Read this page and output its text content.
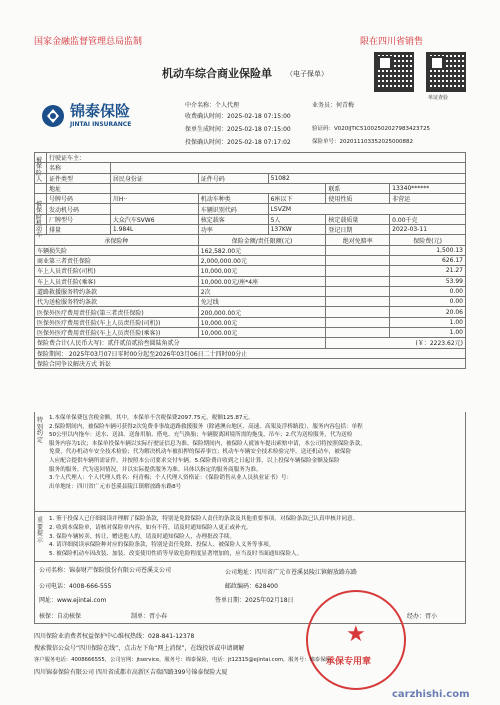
国家金融监督管理总局监制	限在四川省销售
单证查验
机动车综合商业保险单 （电子保单）
锦泰保险
JINTAI INSURANCE
中介名称：个人代理	业务员：何青梅
收费确认时间：2025-02-18 07:15:00
保单生成时间：2025-02-18 07:15:00	验证码：V020lJTiC510025020279834237​25
投保确认时间：2025-02-18 07:17:02	保险单号：20201110335202​5000882
被
保
险
人
被
保
险
机
动
车
	行驶证车主：					
	名称					
	证件类型	居民身份证	证件号码	51082		
	地址				联系	13340******
	号牌号码	川H··	机动车种类	6座以下	使用性质	非营运
	发动机号码		车辆识别代码	LSVZM		
	厂牌型号	大众汽车SVW6	核定载客	5人	核定载质量	0.00千克
	排量	1.984L	功率	137KW	登记日期	2022-03-11
承保险种			保险金额/责任限额(元)		绝对免赔率	保险费(元)
车辆损失险			162,582.00元			1,500.13
商业第三者责任保险			2,000,000.00元			626.17
车上人员责任险(司机)			10,000.00元			21.27
车上人员责任险(乘客)			10,000.00元/座*4座			53.99
道路救援服务特约条款			2次			0.00
代为送检服务特约条款			免过线			0.00
医保外医疗费用责任险(第三者责任保险)			200,000.00元			20.06
医保外医疗费用责任险(车上人员责任险(司机))			10,000.00元			1.00
医保外医疗费用责任险(车上人员责任险(乘客))			10,000.00元			1.00
保险费合计(人民币大写)：贰仟贰佰贰拾叁圆陆角贰分					(￥：2223.62元)	
保险期间： 2025年03月07日零时00分起至2026年03月06日二十四时00分止						
保险合同争议解决方式 诉讼						
特
别
约
定
1.本保单保费包含税金额。其中，本保单不含税保费2097.75元，税额125.87元。
2.保险期间内，被保险车辆可获得2次免费非事故道路救援服务（除港澳台地区、高速、高架及浮桥路段），服务内容包括：单程
50公里以内拖车：送水、送油、送备用胎、搭电、充气换胎；车辆脱离困境所需的拖曳、吊车；2.代为送检服务，代为送检
服务内容为1次；本保单投保车辆以实际行驶证信息为准。保险期间内，被保险人就该车提出索赔申请，本公司将按照保险条款，
免费，代办机动车安全技术检验；代为解决机动车被扣押的保养事宜；机动车车辆安全技术检验完毕，送还机动车，被保险
人应配合提供车辆所需证件，并按照本公司要求交付车辆。5.保险费自收到之日起计算，以上投保车辆保险金额及保险
服务的服务，代为返回情况，并以实际提供服务为准。具体以指定的服务商服务为准。
3.个人代理人：个人代理人姓名：何青梅；个人代理人资格证：《保险销售从业人员执业证书》号：
出单地址：四川省广元市苍溪县陵江镇解放路东路8号
重要提示
1. 鉴于投保人已仔细阅读并理解了保险条款，特别是免除保险人责任的条款及其他重要事项，对保险条款已认真审核并同意。
2. 收到本保险单，请核对保险单内容，如有不符，请及时通知保险人更正或补充。
3. 保险车辆转卖、转让、赠送他人的，请及时通知保险人，办理批改手续。
4. 请详细阅读承保险种对应的保险条款，特别是责任免除、投保人、被保险人义务等事项。
5. 被保险机动车因改装、加装、改变使用性质等导致危险程度显著增加的，应当及时书面通知保险人。
公司名称：锦泰财产保险股份有限公司苍溪支公司	公司地址：四川省广元市苍溪县陵江镇解放路东路
公司电话：4008-666-555	邮政编码：628400
网址：www.ejintai.com	签单日期：2025年02月18日
核保：自动核保	制单：胥小春	经办：胥小
★
承保专用章
四川保险业消费者权益保护中心维权热线：028-841-12378
搜索微信公众号“四川保险在线”，点击左下角“网上消保”，在线投诉或申请调解
客户服务电话：4008666555，公司官网：jtservice，服务号：锦泰保险，电话：jt12315@ejintai.com，服务号：锦泰保险
四川锦泰保险有限公司 四川省成都市高新区吉瑞四路399号锦泰保险大厦
carzhishi.com
